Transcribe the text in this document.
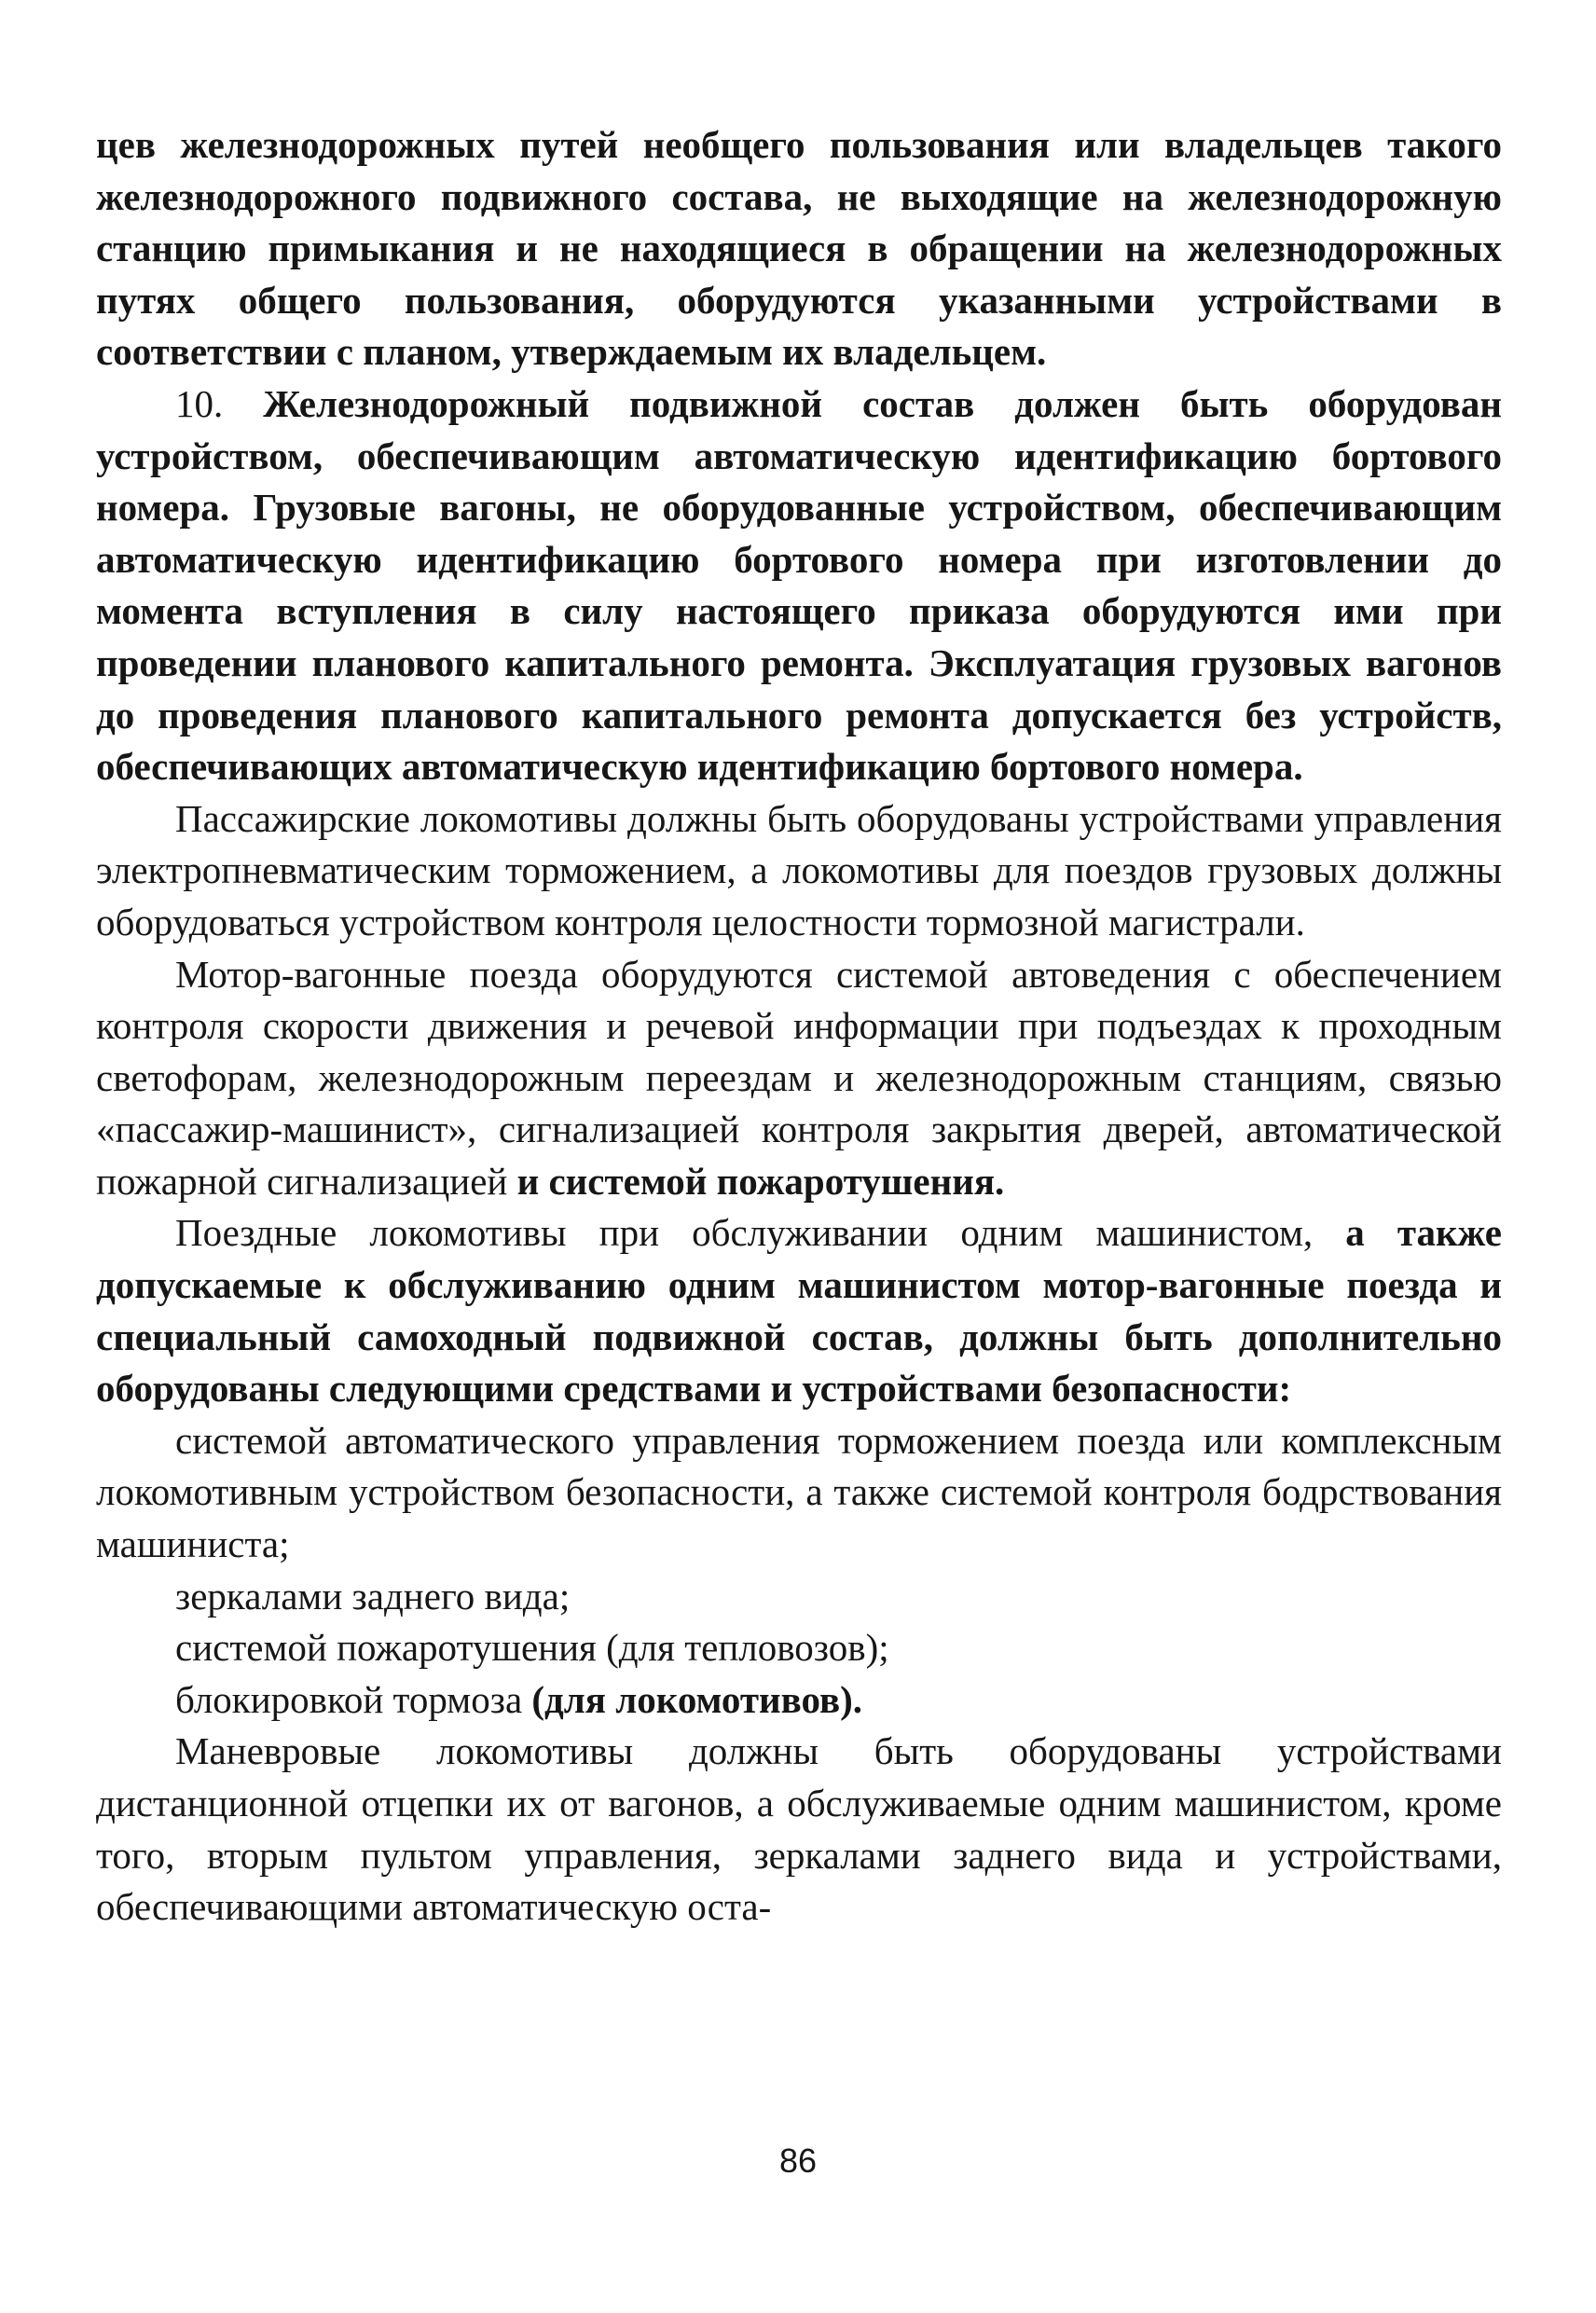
цев железнодорожных путей необщего пользования или владельцев такого железнодорожного подвижного состава, не выходящие на железнодорожную станцию примыкания и не находящиеся в обращении на железнодорожных путях общего пользования, оборудуются указанными устройствами в соответствии с планом, утверждаемым их владельцем.

10. Железнодорожный подвижной состав должен быть оборудован устройством, обеспечивающим автоматическую идентификацию бортового номера. Грузовые вагоны, не оборудованные устройством, обеспечивающим автоматическую идентификацию бортового номера при изготовлении до момента вступления в силу настоящего приказа оборудуются ими при проведении планового капитального ремонта. Эксплуатация грузовых вагонов до проведения планового капитального ремонта допускается без устройств, обеспечивающих автоматическую идентификацию бортового номера.

Пассажирские локомотивы должны быть оборудованы устройствами управления электропневматическим торможением, а локомотивы для поездов грузовых должны оборудоваться устройством контроля целостности тормозной магистрали.

Мотор-вагонные поезда оборудуются системой автоведения с обеспечением контроля скорости движения и речевой информации при подъездах к проходным светофорам, железнодорожным переездам и железнодорожным станциям, связью «пассажир-машинист», сигнализацией контроля закрытия дверей, автоматической пожарной сигнализацией и системой пожаротушения.

Поездные локомотивы при обслуживании одним машинистом, а также допускаемые к обслуживанию одним машинистом мотор-вагонные поезда и специальный самоходный подвижной состав, должны быть дополнительно оборудованы следующими средствами и устройствами безопасности:

системой автоматического управления торможением поезда или комплексным локомотивным устройством безопасности, а также системой контроля бодрствования машиниста;

зеркалами заднего вида;

системой пожаротушения (для тепловозов);

блокировкой тормоза (для локомотивов).

Маневровые локомотивы должны быть оборудованы устройствами дистанционной отцепки их от вагонов, а обслуживаемые одним машинистом, кроме того, вторым пультом управления, зеркалами заднего вида и устройствами, обеспечивающими автоматическую оста-

86
